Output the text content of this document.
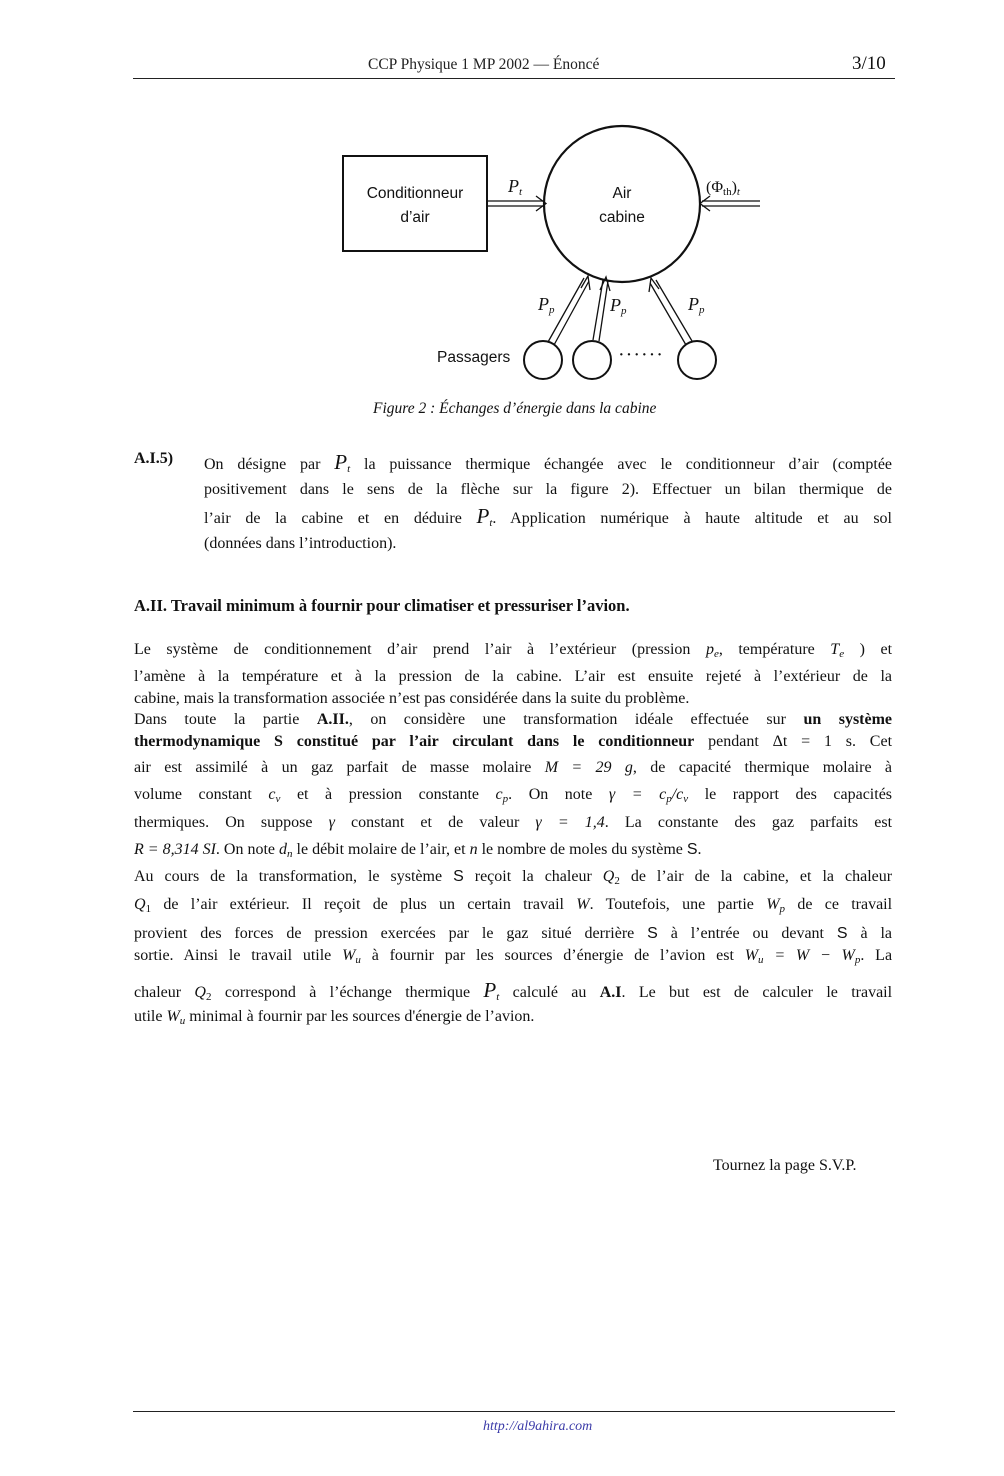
CCP Physique 1 MP 2002 — Énoncé	3/10
Conditionneur
d’air
Air
cabine
$P_t$	$(\Phi_{th})_t$
$P_p$	$P_p$	$P_p$
Passagers	······
Figure 2 : Échanges d’énergie dans la cabine
A.I.5) On désigne par $P_t$ la puissance thermique échangée avec le conditionneur d’air (comptée
positivement dans le sens de la flèche sur la figure 2). Effectuer un bilan thermique de
l’air de la cabine et en déduire $P_t$. Application numérique à haute altitude et au sol
(données dans l’introduction).
A.II. Travail minimum à fournir pour climatiser et pressuriser l’avion.
Le système de conditionnement d’air prend l’air à l’extérieur (pression $p_e$, température $T_e$ ) et
l’amène à la température et à la pression de la cabine. L’air est ensuite rejeté à l’extérieur de la
cabine, mais la transformation associée n’est pas considérée dans la suite du problème.
Dans toute la partie A.II., on considère une transformation idéale effectuée sur un système
thermodynamique S constitué par l’air circulant dans le conditionneur pendant Δt = 1 s. Cet
air est assimilé à un gaz parfait de masse molaire M = 29 g, de capacité thermique molaire à
volume constant $c_v$ et à pression constante $c_p$. On note $\gamma = c_p/c_v$ le rapport des capacités
thermiques. On suppose γ constant et de valeur γ = 1,4. La constante des gaz parfaits est
R = 8,314 SI. On note $d_n$ le débit molaire de l’air, et n le nombre de moles du système S.
Au cours de la transformation, le système S reçoit la chaleur $Q_2$ de l’air de la cabine, et la chaleur
$Q_1$ de l’air extérieur. Il reçoit de plus un certain travail W. Toutefois, une partie $W_p$ de ce travail
provient des forces de pression exercées par le gaz situé derrière S à l’entrée ou devant S à la
sortie. Ainsi le travail utile $W_u$ à fournir par les sources d’énergie de l’avion est $W_u = W - W_p$. La
chaleur $Q_2$ correspond à l’échange thermique $P_t$ calculé au A.I. Le but est de calculer le travail
utile $W_u$ minimal à fournir par les sources d'énergie de l’avion.
Tournez la page S.V.P.
http://al9ahira.com
